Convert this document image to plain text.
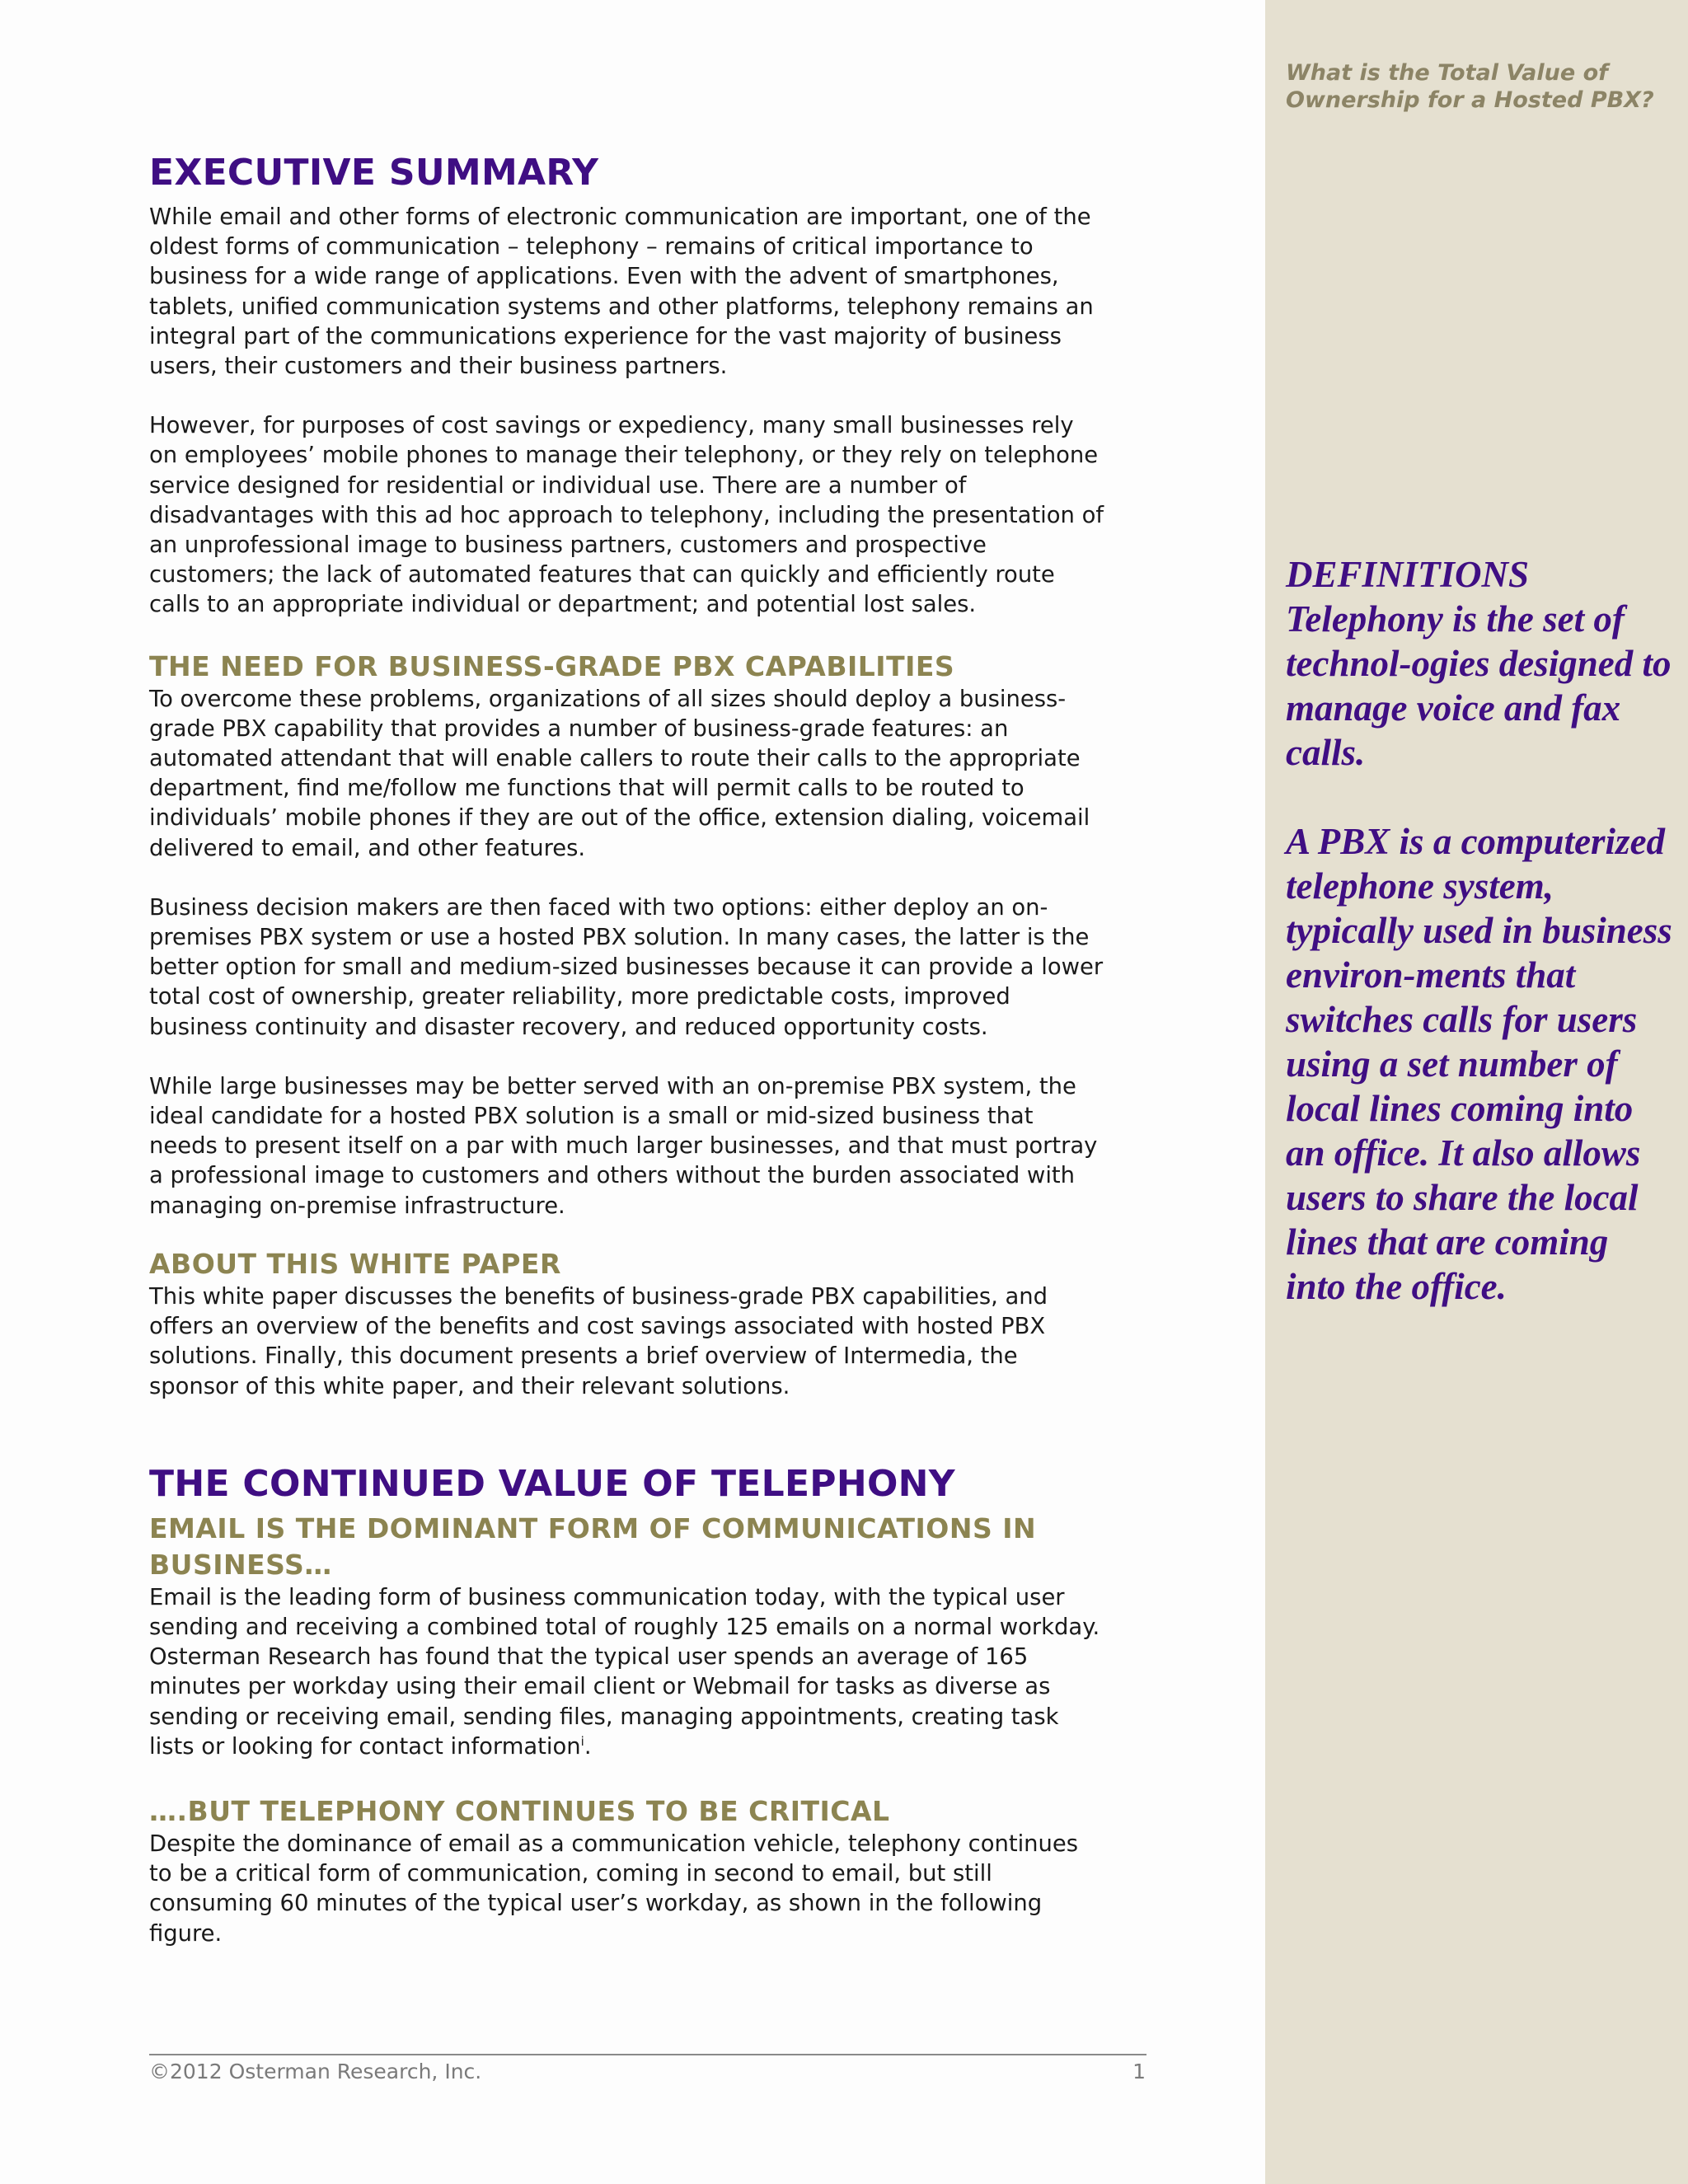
What is the Total Value of
Ownership for a Hosted PBX?
DEFINITIONS
Telephony is the set of technol-ogies designed to manage voice and fax calls.
A PBX is a computerized telephone system, typically used in business environ-ments that switches calls for users using a set number of local lines coming into an office. It also allows users to share the local lines that are coming into the office.
EXECUTIVE SUMMARY

While email and other forms of electronic communication are important, one of the oldest forms of communication – telephony – remains of critical importance to business for a wide range of applications. Even with the advent of smartphones, tablets, unified communication systems and other platforms, telephony remains an integral part of the communications experience for the vast majority of business users, their customers and their business partners.

However, for purposes of cost savings or expediency, many small businesses rely on employees’ mobile phones to manage their telephony, or they rely on telephone service designed for residential or individual use. There are a number of disadvantages with this ad hoc approach to telephony, including the presentation of an unprofessional image to business partners, customers and prospective customers; the lack of automated features that can quickly and efficiently route calls to an appropriate individual or department; and potential lost sales.

THE NEED FOR BUSINESS-GRADE PBX CAPABILITIES

To overcome these problems, organizations of all sizes should deploy a business-grade PBX capability that provides a number of business-grade features: an automated attendant that will enable callers to route their calls to the appropriate department, find me/follow me functions that will permit calls to be routed to individuals’ mobile phones if they are out of the office, extension dialing, voicemail delivered to email, and other features.

Business decision makers are then faced with two options: either deploy an on-premises PBX system or use a hosted PBX solution. In many cases, the latter is the better option for small and medium-sized businesses because it can provide a lower total cost of ownership, greater reliability, more predictable costs, improved business continuity and disaster recovery, and reduced opportunity costs.

While large businesses may be better served with an on-premise PBX system, the ideal candidate for a hosted PBX solution is a small or mid-sized business that needs to present itself on a par with much larger businesses, and that must portray a professional image to customers and others without the burden associated with managing on-premise infrastructure.

ABOUT THIS WHITE PAPER

This white paper discusses the benefits of business-grade PBX capabilities, and offers an overview of the benefits and cost savings associated with hosted PBX solutions. Finally, this document presents a brief overview of Intermedia, the sponsor of this white paper, and their relevant solutions.

THE CONTINUED VALUE OF TELEPHONY
EMAIL IS THE DOMINANT FORM OF COMMUNICATIONS IN BUSINESS…

Email is the leading form of business communication today, with the typical user sending and receiving a combined total of roughly 125 emails on a normal workday. Osterman Research has found that the typical user spends an average of 165 minutes per workday using their email client or Webmail for tasks as diverse as sending or receiving email, sending files, managing appointments, creating task lists or looking for contact information$^i$.

….BUT TELEPHONY CONTINUES TO BE CRITICAL

Despite the dominance of email as a communication vehicle, telephony continues to be a critical form of communication, coming in second to email, but still consuming 60 minutes of the typical user’s workday, as shown in the following figure.

©2012 Osterman Research, Inc.	1
